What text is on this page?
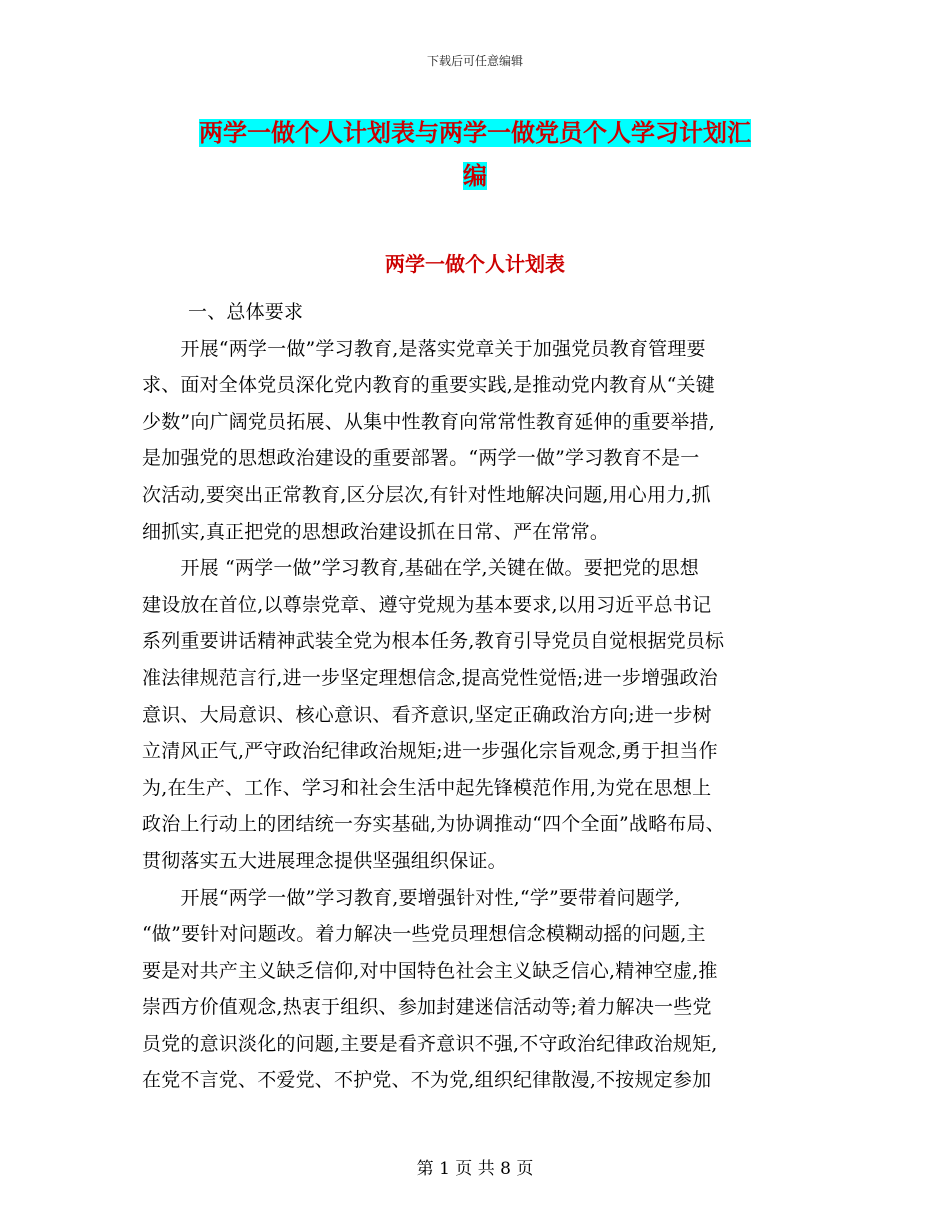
下载后可任意编辑
两学一做个人计划表与两学一做党员个人学习计划汇
编
两学一做个人计划表

一、总体要求

　　开展“两学一做”学习教育,是落实党章关于加强党员教育管理要

求、面对全体党员深化党内教育的重要实践,是推动党内教育从“关键

少数”向广阔党员拓展、从集中性教育向常常性教育延伸的重要举措,

是加强党的思想政治建设的重要部署。“两学一做”学习教育不是一

次活动,要突出正常教育,区分层次,有针对性地解决问题,用心用力,抓

细抓实,真正把党的思想政治建设抓在日常、严在常常。

　　开展 “两学一做”学习教育,基础在学,关键在做。要把党的思想

建设放在首位,以尊崇党章、遵守党规为基本要求,以用习近平总书记

系列重要讲话精神武装全党为根本任务,教育引导党员自觉根据党员标

准法律规范言行,进一步坚定理想信念,提高党性觉悟;进一步增强政治

意识、大局意识、核心意识、看齐意识,坚定正确政治方向;进一步树

立清风正气,严守政治纪律政治规矩;进一步强化宗旨观念,勇于担当作

为,在生产、工作、学习和社会生活中起先锋模范作用,为党在思想上

政治上行动上的团结统一夯实基础,为协调推动“四个全面”战略布局、

贯彻落实五大进展理念提供坚强组织保证。

　　开展“两学一做”学习教育,要增强针对性,“学”要带着问题学,

“做”要针对问题改。着力解决一些党员理想信念模糊动摇的问题,主

要是对共产主义缺乏信仰,对中国特色社会主义缺乏信心,精神空虚,推

崇西方价值观念,热衷于组织、参加封建迷信活动等;着力解决一些党

员党的意识淡化的问题,主要是看齐意识不强,不守政治纪律政治规矩,

在党不言党、不爱党、不护党、不为党,组织纪律散漫,不按规定参加

第 1 页 共 8 页
